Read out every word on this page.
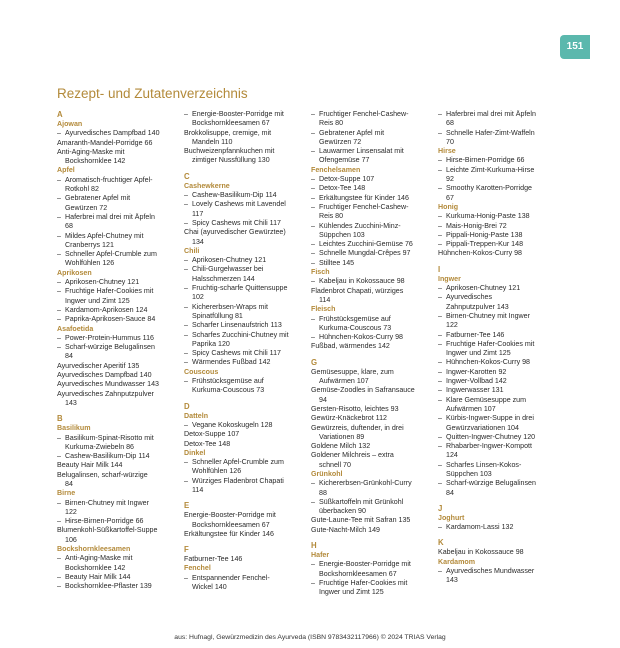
151
Rezept- und Zutatenverzeichnis
A
Ajowan
– Ayurvedisches Dampfbad 140
Amaranth-Mandel-Porridge 66
Anti-Aging-Maske mit

Bockshornklee 142
Apfel
– Aromatisch-fruchtiger Apfel-

Rotkohl 82
– Gebratener Apfel mit

Gewürzen 72
– Haferbrei mal drei mit Äpfeln

68
– Mildes Apfel-Chutney mit

Cranberrys 121
– Schneller Apfel-Crumble zum

Wohlfühlen 126
Aprikosen
– Aprikosen-Chutney 121
– Fruchtige Hafer-Cookies mit

Ingwer und Zimt 125
– Kardamom-Aprikosen 124
– Paprika-Aprikosen-Sauce 84
Asafoetida
– Power-Protein-Hummus 116
– Scharf-würzige Belugalinsen

84
Ayurvedischer Aperitif 135
Ayurvedisches Dampfbad 140
Ayurvedisches Mundwasser 143
Ayurvedisches Zahnputzpulver

143
B
Basilikum
– Basilikum-Spinat-Risotto mit

Kurkuma-Zwiebeln 86
– Cashew-Basilikum-Dip 114
Beauty Hair Milk 144
Belugalinsen, scharf-würzige

84
Birne
– Birnen-Chutney mit Ingwer

122
– Hirse-Birnen-Porridge 66
Blumenkohl-Süßkartoffel-Suppe

106
Bockshornkleesamen
– Anti-Aging-Maske mit

Bockshornklee 142
– Beauty Hair Milk 144
– Bockshornklee-Pflaster 139
– Energie-Booster-Porridge mit

Bockshornkleesamen 67
Brokkolisuppe, cremige, mit

Mandeln 110
Buchweizenpfannkuchen mit

zimtiger Nussfüllung 130
C
Cashewkerne
– Cashew-Basilikum-Dip 114
– Lovely Cashews mit Lavendel

117
– Spicy Cashews mit Chili 117
Chai (ayurvedischer Gewürztee)

134
Chili
– Aprikosen-Chutney 121
– Chili-Gurgelwasser bei

Halsschmerzen 144
– Fruchtig-scharfe Quittensuppe

102
– Kichererbsen-Wraps mit

Spinatfüllung 81
– Scharfer Linsenaufstrich 113
– Scharfes Zucchini-Chutney mit

Paprika 120
– Spicy Cashews mit Chili 117
– Wärmendes Fußbad 142
Couscous
– Frühstücksgemüse auf

Kurkuma-Couscous 73
D
Datteln
– Vegane Kokoskugeln 128
Detox-Suppe 107
Detox-Tee 148
Dinkel
– Schneller Apfel-Crumble zum

Wohlfühlen 126
– Würziges Fladenbrot Chapati

114
E
Energie-Booster-Porridge mit

Bockshornkleesamen 67
Erkältungstee für Kinder 146
F
Fatburner-Tee 146
Fenchel
– Entspannender Fenchel-

Wickel 140
– Fruchtiger Fenchel-Cashew-

Reis 80
– Gebratener Apfel mit

Gewürzen 72
– Lauwarmer Linsensalat mit

Ofengemüse 77
Fenchelsamen
– Detox-Suppe 107
– Detox-Tee 148
– Erkältungstee für Kinder 146
– Fruchtiger Fenchel-Cashew-

Reis 80
– Kühlendes Zucchini-Minz-

Süppchen 103
– Leichtes Zucchini-Gemüse 76
– Schnelle Mungdal-Crêpes 97
– Stilltee 145
Fisch
– Kabeljau in Kokossauce 98
Fladenbrot Chapati, würziges

114
Fleisch
– Frühstücksgemüse auf

Kurkuma-Couscous 73
– Hühnchen-Kokos-Curry 98
Fußbad, wärmendes 142
G
Gemüsesuppe, klare, zum

Aufwärmen 107
Gemüse-Zoodles in Safransauce

94
Gersten-Risotto, leichtes 93
Gewürz-Knäckebrot 112
Gewürzreis, duftender, in drei

Variationen 89
Goldene Milch 132
Goldener Milchreis – extra

schnell 70
Grünkohl
– Kichererbsen-Grünkohl-Curry

88
– Süßkartoffeln mit Grünkohl

überbacken 90
Gute-Laune-Tee mit Safran 135
Gute-Nacht-Milch 149
H
Hafer
– Energie-Booster-Porridge mit

Bockshornkleesamen 67
– Fruchtige Hafer-Cookies mit

Ingwer und Zimt 125
– Haferbrei mal drei mit Äpfeln

68
– Schnelle Hafer-Zimt-Waffeln

70
Hirse
– Hirse-Birnen-Porridge 66
– Leichte Zimt-Kurkuma-Hirse

92
– Smoothy Karotten-Porridge

67
Honig
– Kurkuma-Honig-Paste 138
– Mais-Honig-Brei 72
– Pippali-Honig-Paste 138
– Pippali-Treppen-Kur 148
Hühnchen-Kokos-Curry 98
I
Ingwer
– Aprikosen-Chutney 121
– Ayurvedisches

Zahnputzpulver 143
– Birnen-Chutney mit Ingwer

122
– Fatburner-Tee 146
– Fruchtige Hafer-Cookies mit

Ingwer und Zimt 125
– Hühnchen-Kokos-Curry 98
– Ingwer-Karotten 92
– Ingwer-Vollbad 142
– Ingwerwasser 131
– Klare Gemüsesuppe zum

Aufwärmen 107
– Kürbis-Ingwer-Suppe in drei

Gewürzvariationen 104
– Quitten-Ingwer-Chutney 120
– Rhabarber-Ingwer-Kompott

124
– Scharfes Linsen-Kokos-

Süppchen 103
– Scharf-würzige Belugalinsen

84
J
Joghurt
– Kardamom-Lassi 132
K
Kabeljau in Kokossauce 98
Kardamom
– Ayurvedisches Mundwasser

143
aus: Hufnagl, Gewürzmedizin des Ayurveda (ISBN 9783432117966) © 2024 TRIAS Verlag
